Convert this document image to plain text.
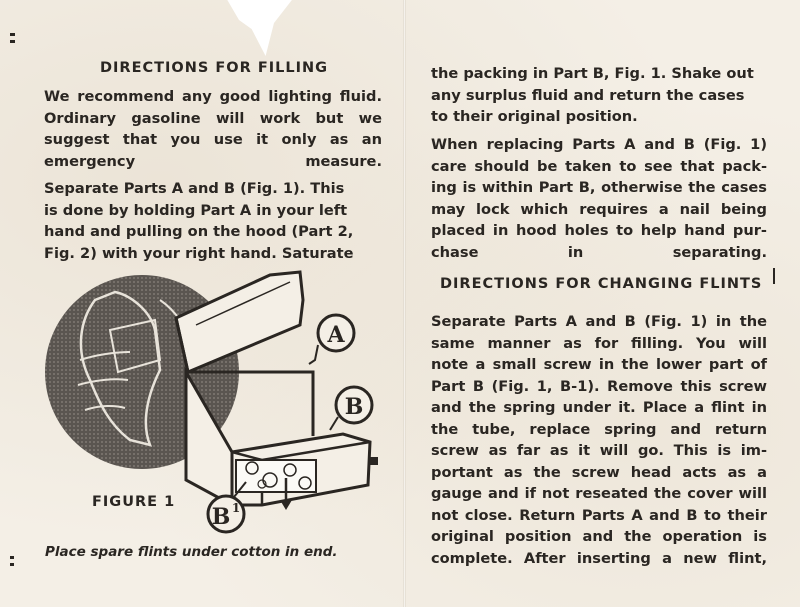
DIRECTIONS FOR FILLING
We recommend any good lighting fluid.
Ordinary gasoline will work but we
suggest that you use it only as an
emergency measure.
Separate Parts A and B (Fig. 1). This
is done by holding Part A in your left
hand and pulling on the hood (Part 2,
Fig. 2) with your right hand. Saturate
A
B
B 1
FIGURE 1
Place spare flints under cotton in end.
the packing in Part B, Fig. 1. Shake out
any surplus fluid and return the cases
to their original position.
When replacing Parts A and B (Fig. 1)
care should be taken to see that pack-
ing is within Part B, otherwise the cases
may lock which requires a nail being
placed in hood holes to help hand pur-
chase in separating.
DIRECTIONS FOR CHANGING FLINTS
Separate Parts A and B (Fig. 1) in the
same manner as for filling. You will
note a small screw in the lower part of
Part B (Fig. 1, B-1). Remove this screw
and the spring under it. Place a flint in
the tube, replace spring and return
screw as far as it will go. This is im-
portant as the screw head acts as a
gauge and if not reseated the cover will
not close. Return Parts A and B to their
original position and the operation is
complete. After inserting a new flint,
